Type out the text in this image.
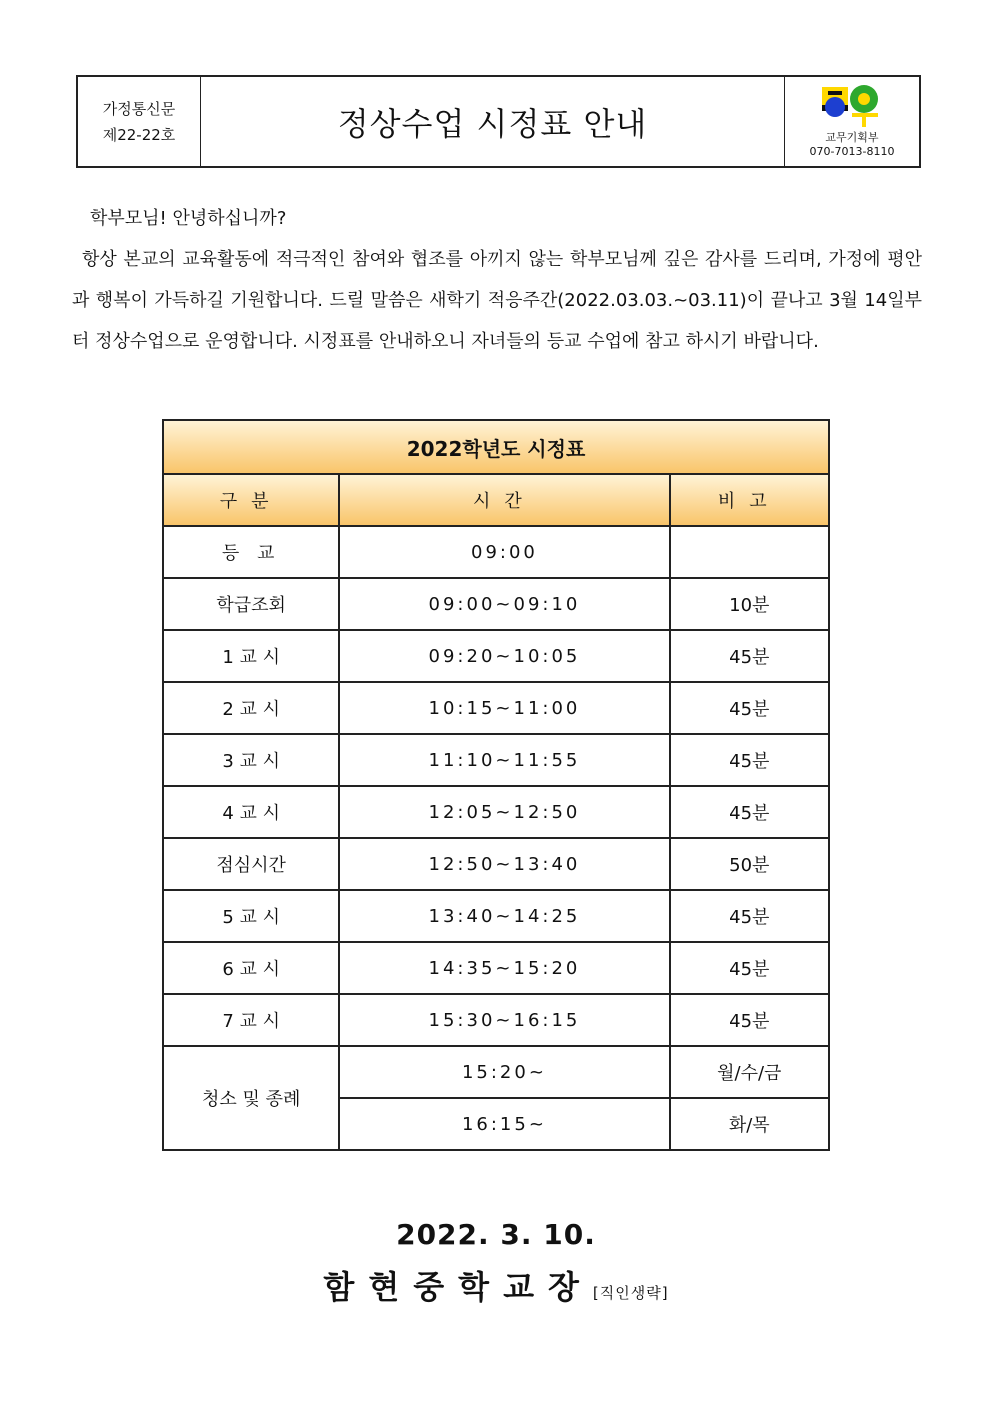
가정통신문
제22-22호	정상수업 시정표 안내	교무기획부
070-7013-8110

학부모님! 안녕하십니까?

항상 본교의 교육활동에 적극적인 참여와 협조를 아끼지 않는 학부모님께 깊은 감사를 드리며, 가정에 평안과 행복이 가득하길 기원합니다. 드릴 말씀은 새학기 적응주간(2022.03.03.~03.11)이 끝나고 3월 14일부터 정상수업으로 운영합니다. 시정표를 안내하오니 자녀들의 등교 수업에 참고 하시기 바랍니다.

2022학년도 시정표		
구분	시간	비고
등 교	09:00	
학급조회	09:00~09:10	10분
1 교 시	09:20~10:05	45분
2 교 시	10:15~11:00	45분
3 교 시	11:10~11:55	45분
4 교 시	12:05~12:50	45분
점심시간	12:50~13:40	50분
5 교 시	13:40~14:25	45분
6 교 시	14:35~15:20	45분
7 교 시	15:30~16:15	45분
청소 및 종례	15:20~	월/수/금
	16:15~	화/목
2022. 3. 10.
함현중학교장[직인생략]
